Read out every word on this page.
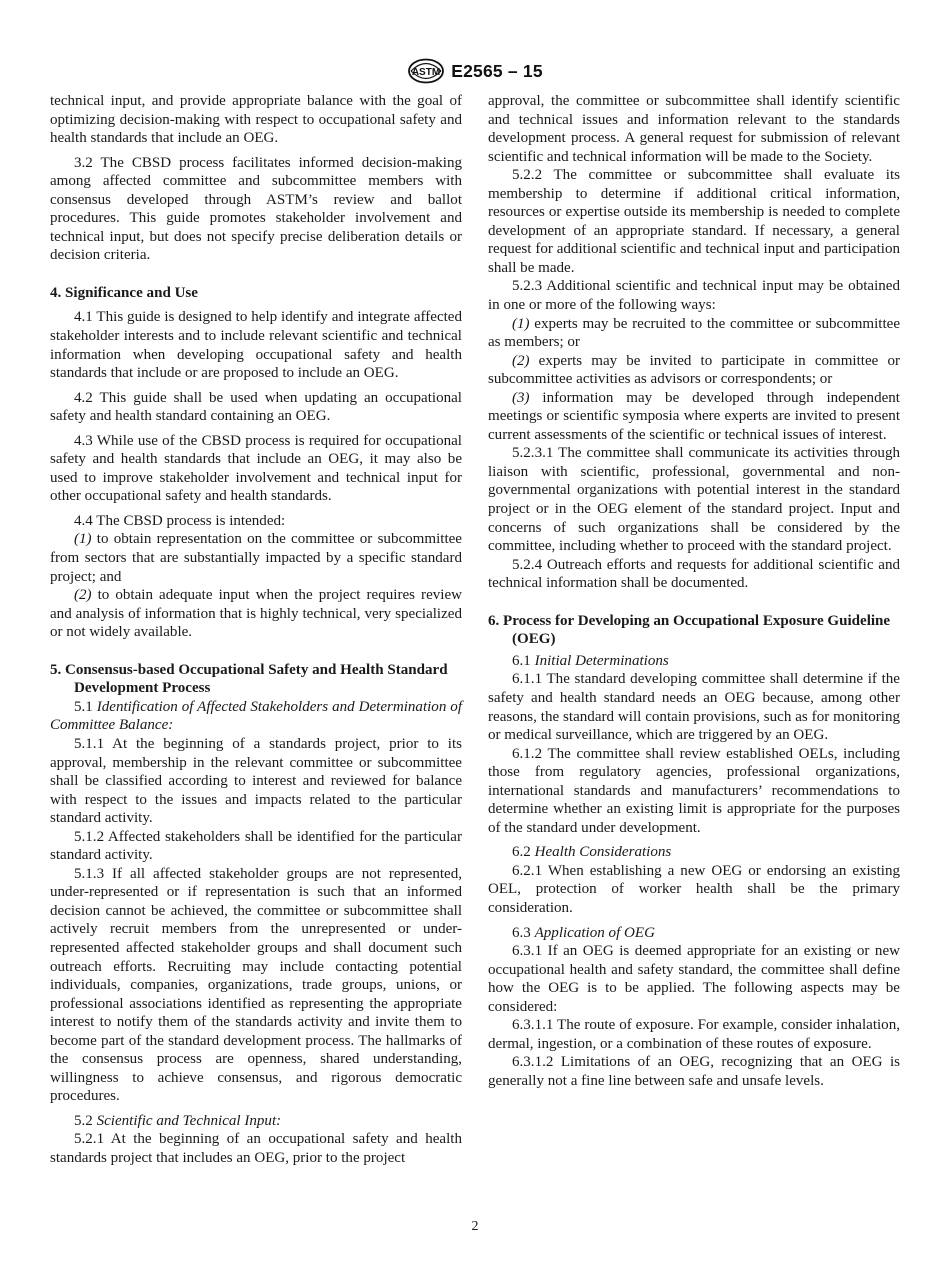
ASTM E2565 – 15

technical input, and provide appropriate balance with the goal of optimizing decision-making with respect to occupational safety and health standards that include an OEG.

3.2 The CBSD process facilitates informed decision-making among affected committee and subcommittee members with consensus developed through ASTM’s review and ballot procedures. This guide promotes stakeholder involvement and technical input, but does not specify precise deliberation details or decision criteria.

4. Significance and Use

4.1 This guide is designed to help identify and integrate affected stakeholder interests and to include relevant scientific and technical information when developing occupational safety and health standards that include or are proposed to include an OEG.

4.2 This guide shall be used when updating an occupational safety and health standard containing an OEG.

4.3 While use of the CBSD process is required for occupational safety and health standards that include an OEG, it may also be used to improve stakeholder involvement and technical input for other occupational safety and health standards.

4.4 The CBSD process is intended:

(1) to obtain representation on the committee or subcommittee from sectors that are substantially impacted by a specific standard project; and

(2) to obtain adequate input when the project requires review and analysis of information that is highly technical, very specialized or not widely available.

5. Consensus-based Occupational Safety and Health Standard Development Process

5.1 Identification of Affected Stakeholders and Determination of Committee Balance:

5.1.1 At the beginning of a standards project, prior to its approval, membership in the relevant committee or subcommittee shall be classified according to interest and reviewed for balance with respect to the issues and impacts related to the particular standard activity.

5.1.2 Affected stakeholders shall be identified for the particular standard activity.

5.1.3 If all affected stakeholder groups are not represented, under-represented or if representation is such that an informed decision cannot be achieved, the committee or subcommittee shall actively recruit members from the unrepresented or under-represented affected stakeholder groups and shall document such outreach efforts. Recruiting may include contacting potential individuals, companies, organizations, trade groups, unions, or professional associations identified as representing the appropriate interest to notify them of the standards activity and invite them to become part of the standard development process. The hallmarks of the consensus process are openness, shared understanding, willingness to achieve consensus, and rigorous democratic procedures.

5.2 Scientific and Technical Input:

5.2.1 At the beginning of an occupational safety and health standards project that includes an OEG, prior to the project

approval, the committee or subcommittee shall identify scientific and technical issues and information relevant to the standards development process. A general request for submission of relevant scientific and technical information will be made to the Society.

5.2.2 The committee or subcommittee shall evaluate its membership to determine if additional critical information, resources or expertise outside its membership is needed to complete development of an appropriate standard. If necessary, a general request for additional scientific and technical input and participation shall be made.

5.2.3 Additional scientific and technical input may be obtained in one or more of the following ways:

(1) experts may be recruited to the committee or subcommittee as members; or

(2) experts may be invited to participate in committee or subcommittee activities as advisors or correspondents; or

(3) information may be developed through independent meetings or scientific symposia where experts are invited to present current assessments of the scientific or technical issues of interest.

5.2.3.1 The committee shall communicate its activities through liaison with scientific, professional, governmental and non-governmental organizations with potential interest in the standard project or in the OEG element of the standard project. Input and concerns of such organizations shall be considered by the committee, including whether to proceed with the standard project.

5.2.4 Outreach efforts and requests for additional scientific and technical information shall be documented.

6. Process for Developing an Occupational Exposure Guideline (OEG)

6.1 Initial Determinations

6.1.1 The standard developing committee shall determine if the safety and health standard needs an OEG because, among other reasons, the standard will contain provisions, such as for monitoring or medical surveillance, which are triggered by an OEG.

6.1.2 The committee shall review established OELs, including those from regulatory agencies, professional organizations, international standards and manufacturers’ recommendations to determine whether an existing limit is appropriate for the purposes of the standard under development.

6.2 Health Considerations

6.2.1 When establishing a new OEG or endorsing an existing OEL, protection of worker health shall be the primary consideration.

6.3 Application of OEG

6.3.1 If an OEG is deemed appropriate for an existing or new occupational health and safety standard, the committee shall define how the OEG is to be applied. The following aspects may be considered:

6.3.1.1 The route of exposure. For example, consider inhalation, dermal, ingestion, or a combination of these routes of exposure.

6.3.1.2 Limitations of an OEG, recognizing that an OEG is generally not a fine line between safe and unsafe levels.

2
